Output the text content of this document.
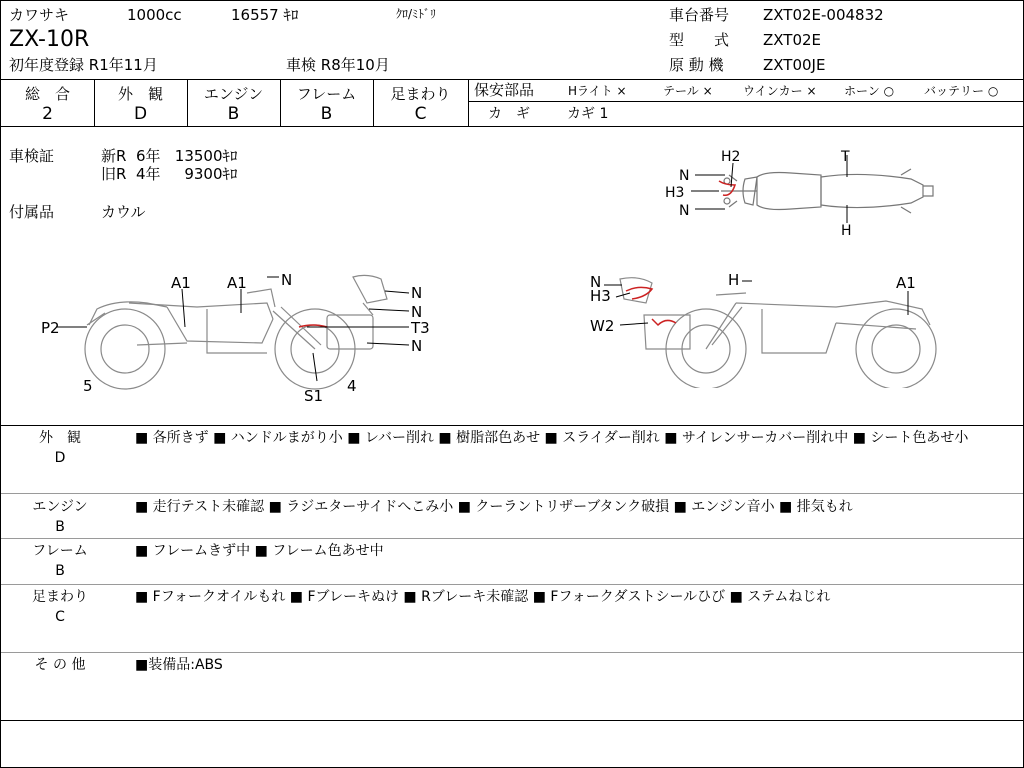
カワサキ	1000cc	16557 ｷﾛ	ｸﾛ/ﾐﾄﾞﾘ
ZX-10R
初年度登録 R1年11月	車検 R8年10月
車台番号 ZXT02E-004832
型　　式 ZXT02E
原 動 機	ZXT00JE
総　合
2
外　観
D
エンジン
B
フレーム
B
足まわり
C
保安部品	Hライト ×	テール ×	ウインカー × ホーン ○ バッテリー ○
カ　ギ	カギ 1
車検証	新R  6年   13500ｷﾛ
旧R  4年     9300ｷﾛ
付属品	カウル
N
H2
H3
N
T
H
A1 A1 N
P2
N
N
T3
N
5
S1
4
N
H3
H	A1
W2
外　観
D
■ 各所きず ■ ハンドルまがり小 ■ レバー削れ ■ 樹脂部色あせ ■ スライダー削れ ■ サイレンサーカバー削れ中 ■ シート色あせ小
エンジン
B
■ 走行テスト未確認 ■ ラジエターサイドへこみ小 ■ クーラントリザーブタンク破損 ■ エンジン音小 ■ 排気もれ
フレーム
B
■ フレームきず中 ■ フレーム色あせ中
足まわり
C
■ Fフォークオイルもれ ■ Fブレーキぬけ ■ Rブレーキ未確認 ■ Fフォークダストシールひび ■ ステムねじれ
そ の 他	■装備品:ABS
